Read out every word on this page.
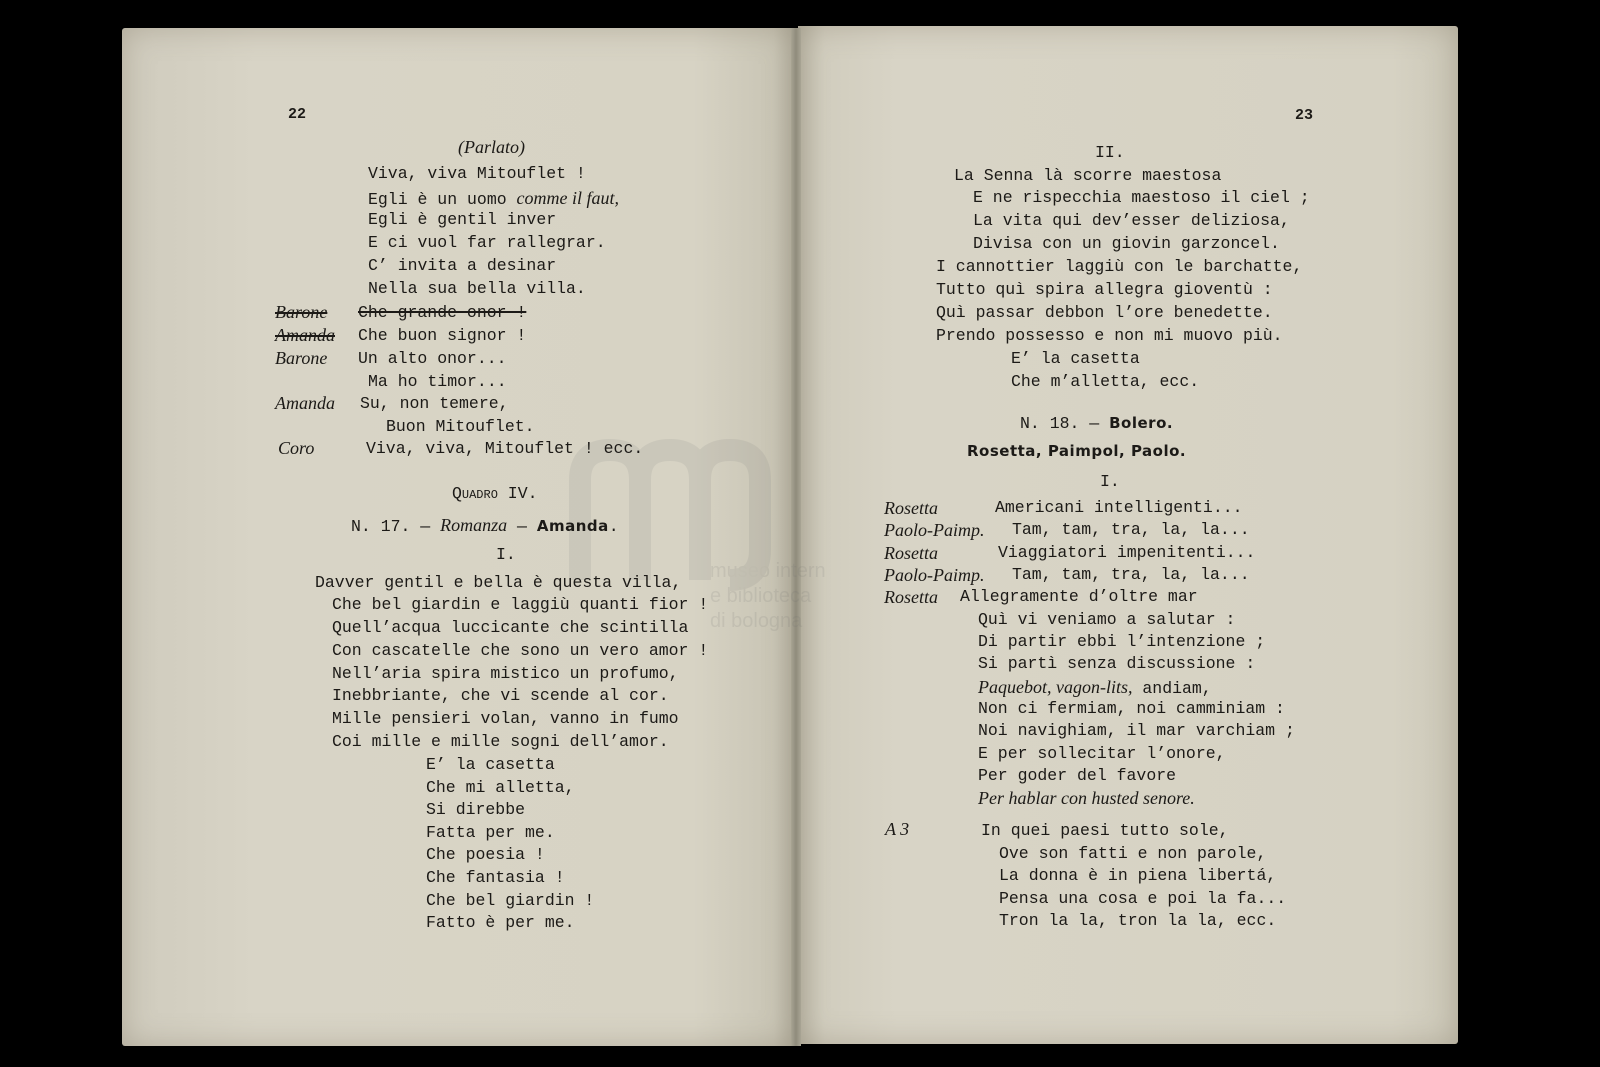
22
(Parlato)
Viva, viva Mitouflet !
Egli è un uomo comme il faut,
Egli è gentil inver
E ci vuol far rallegrar.
C’ invita a desinar
Nella sua bella villa.
Barone Che grande onor !
Amanda Che buon signor !
Barone Un alto onor...
Ma ho timor...
Amanda Su, non temere,
Buon Mitouflet.
Coro	Viva, viva, Mitouflet ! ecc.
Quadro IV.
N. 17. — Romanza — Amanda.
I.
Davver gentil e bella è questa villa,
Che bel giardin e laggiù quanti fior !
Quell’acqua luccicante che scintilla
Con cascatelle che sono un vero amor !
Nell’aria spira mistico un profumo,
Inebbriante, che vi scende al cor.
Mille pensieri volan, vanno in fumo
Coi mille e mille sogni dell’amor.
E’ la casetta
Che mi alletta,
Si direbbe
Fatta per me.
Che poesia !
Che fantasia !
Che bel giardin !
Fatto è per me.
23
II.
La Senna là scorre maestosa
E ne rispecchia maestoso il ciel ;
La vita qui dev’esser deliziosa,
Divisa con un giovin garzoncel.
I cannottier laggiù con le barchatte,
Tutto quì spira allegra gioventù :
Quì passar debbon l’ore benedette.
Prendo possesso e non mi muovo più.
E’ la casetta
Che m’alletta, ecc.
N. 18. — Bolero.
Rosetta, Paimpol, Paolo.
I.
Rosetta	Americani intelligenti...
Paolo-Paimp. Tam, tam, tra, la, la...
Rosetta	Viaggiatori impenitenti...
Paolo-Paimp. Tam, tam, tra, la, la...
Rosetta Allegramente d’oltre mar
Quì vi veniamo a salutar :
Di partir ebbi l’intenzione ;
Si partì senza discussione :
Paquebot, vagon-lits, andiam,
Non ci fermiam, noi camminiam :
Noi navighiam, il mar varchiam ;
E per sollecitar l’onore,
Per goder del favore
Per hablar con husted senore.
A 3	In quei paesi tutto sole,
Ove son fatti e non parole,
La donna è in piena libertá,
Pensa una cosa e poi la fa...
Tron la la, tron la la, ecc.
